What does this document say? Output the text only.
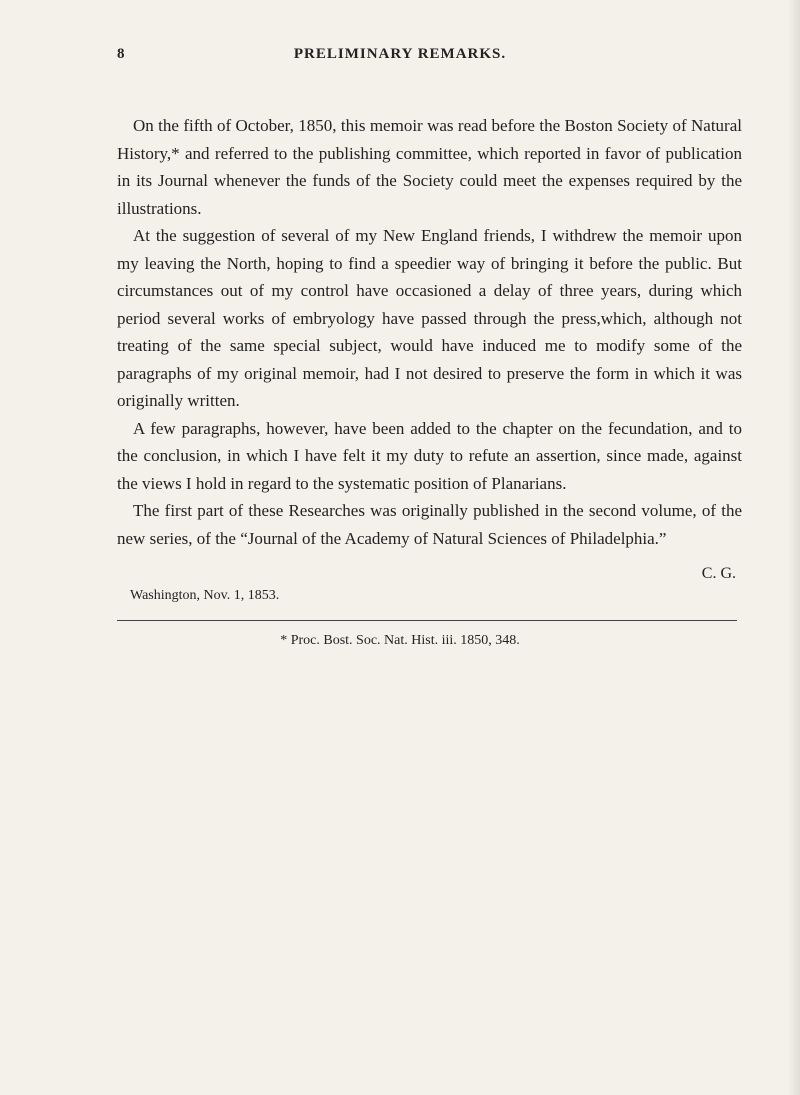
8	PRELIMINARY REMARKS.

On the fifth of October, 1850, this memoir was read before the Boston Society of Natural History,* and referred to the publishing committee, which reported in favor of publication in its Journal whenever the funds of the Society could meet the expenses required by the illustrations.

At the suggestion of several of my New England friends, I withdrew the memoir upon my leaving the North, hoping to find a speedier way of bringing it before the public. But circumstances out of my control have occasioned a delay of three years, during which period several works of embryology have passed through the press,which, although not treating of the same special subject, would have induced me to modify some of the paragraphs of my original memoir, had I not desired to preserve the form in which it was originally written.

A few paragraphs, however, have been added to the chapter on the fecundation, and to the conclusion, in which I have felt it my duty to refute an assertion, since made, against the views I hold in regard to the systematic position of Planarians.

The first part of these Researches was originally published in the second volume, of the new series, of the “Journal of the Academy of Natural Sciences of Philadelphia.”

C. G.
Washington, Nov. 1, 1853.
* Proc. Bost. Soc. Nat. Hist. iii. 1850, 348.
